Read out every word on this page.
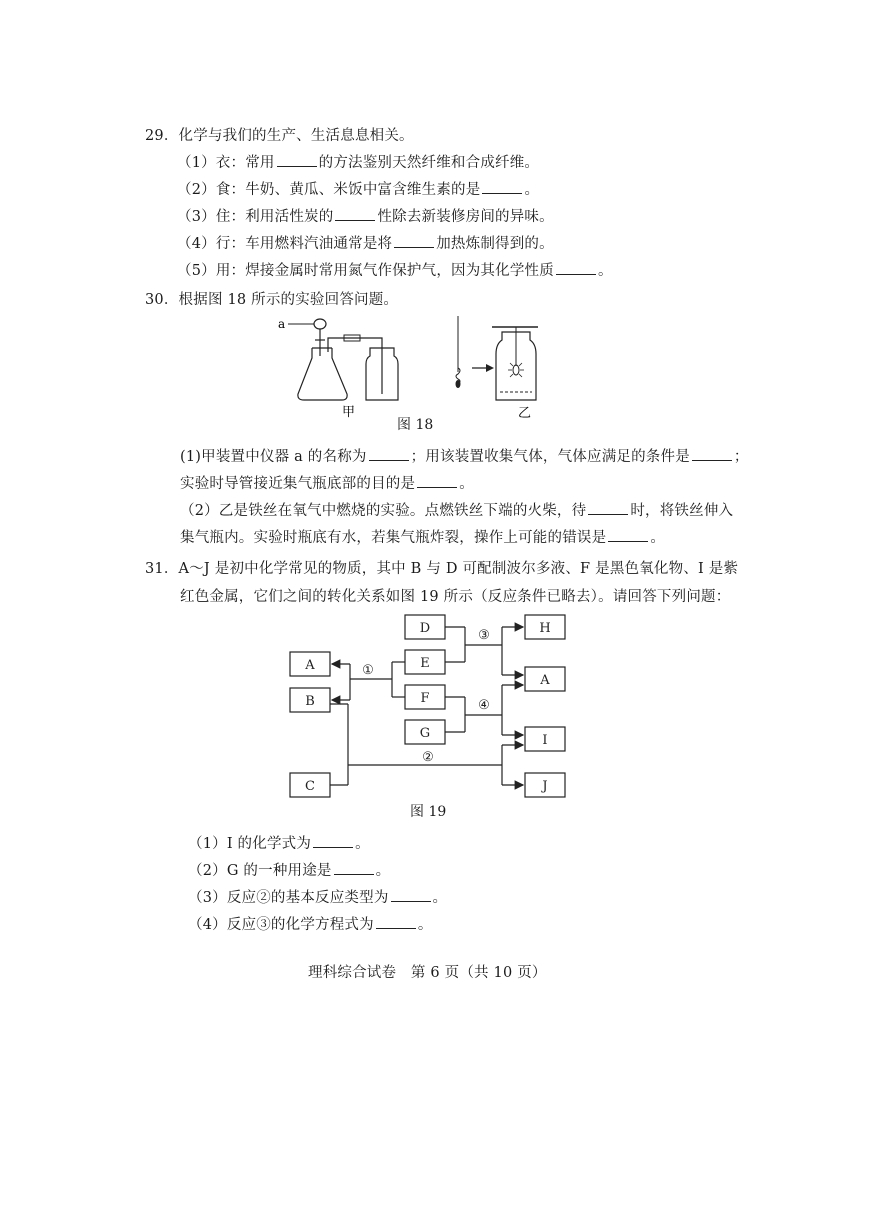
29．化学与我们的生产、生活息息相关。
（1）衣：常用	的方法鉴别天然纤维和合成纤维。
（2）食：牛奶、黄瓜、米饭中富含维生素的是	。
（3）住：利用活性炭的	性除去新装修房间的异味。
（4）行：车用燃料汽油通常是将	加热炼制得到的。
（5）用：焊接金属时常用氮气作保护气，因为其化学性质	。
30．根据图 18 所示的实验回答问题。
a
甲	乙
图 18
(1)甲装置中仪器 a 的名称为	；用该装置收集气体，气体应满足的条件是	；
实验时导管接近集气瓶底部的目的是	。
（2）乙是铁丝在氧气中燃烧的实验。点燃铁丝下端的火柴，待	时，将铁丝伸入
集气瓶内。实验时瓶底有水，若集气瓶炸裂，操作上可能的错误是	。
31．A～J 是初中化学常见的物质，其中 B 与 D 可配制波尔多液、F 是黑色氧化物、I 是紫
红色金属，它们之间的转化关系如图 19 所示（反应条件已略去）。请回答下列问题：
A
B
C
D
E
F
G
H
A
I
J
①
②
③
④
图 19
（1）I 的化学式为	。
（2）G 的一种用途是	。
（3）反应②的基本反应类型为	。
（4）反应③的化学方程式为	。
理科综合试卷　第 6 页（共 10 页）
